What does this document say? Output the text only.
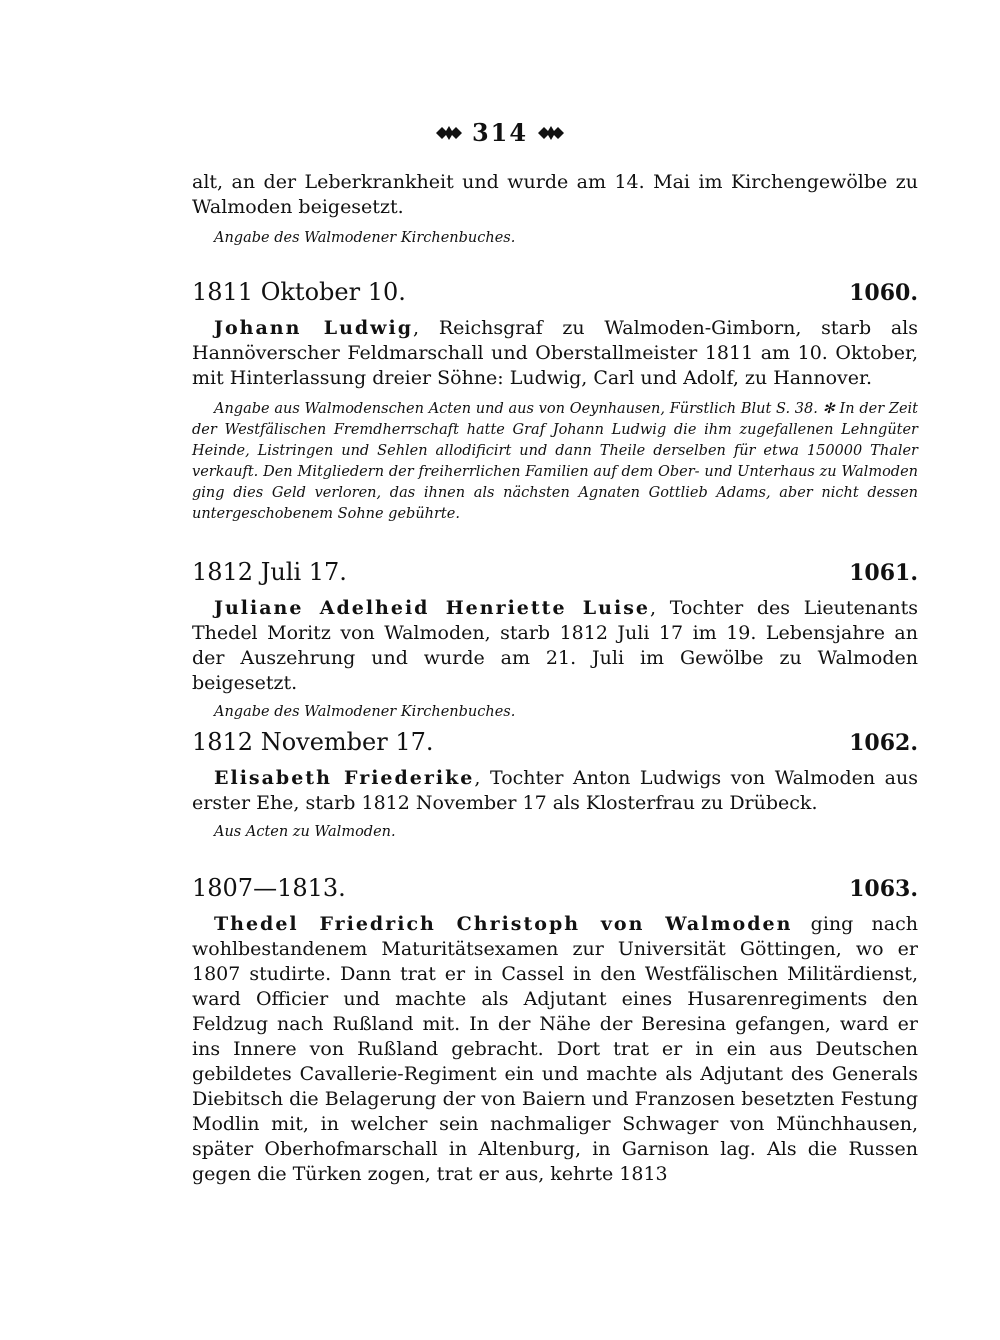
314

alt, an der Leberkrankheit und wurde am 14. Mai im Kirchengewölbe zu Walmoden beigesetzt.

Angabe des Walmodener Kirchenbuches.

1811 Oktober 10.	1060.

Johann Ludwig, Reichsgraf zu Walmoden-Gimborn, starb als Hannöverscher Feldmarschall und Oberstallmeister 1811 am 10. Oktober, mit Hinterlassung dreier Söhne: Ludwig, Carl und Adolf, zu Hannover.

Angabe aus Walmodenschen Acten und aus von Oeynhausen, Fürstlich Blut S. 38. ✻ In der Zeit der Westfälischen Fremdherrschaft hatte Graf Johann Ludwig die ihm zugefallenen Lehngüter Heinde, Listringen und Sehlen allodificirt und dann Theile derselben für etwa 150000 Thaler verkauft. Den Mitgliedern der freiherrlichen Familien auf dem Ober- und Unterhaus zu Walmoden ging dies Geld verloren, das ihnen als nächsten Agnaten Gottlieb Adams, aber nicht dessen untergeschobenem Sohne gebührte.

1812 Juli 17.	1061.

Juliane Adelheid Henriette Luise, Tochter des Lieutenants Thedel Moritz von Walmoden, starb 1812 Juli 17 im 19. Lebensjahre an der Auszehrung und wurde am 21. Juli im Gewölbe zu Walmoden beigesetzt.

Angabe des Walmodener Kirchenbuches.

1812 November 17.	1062.

Elisabeth Friederike, Tochter Anton Ludwigs von Walmoden aus erster Ehe, starb 1812 November 17 als Klosterfrau zu Drübeck.

Aus Acten zu Walmoden.

1807—1813.	1063.

Thedel Friedrich Christoph von Walmoden ging nach wohlbestandenem Maturitätsexamen zur Universität Göttingen, wo er 1807 studirte. Dann trat er in Cassel in den Westfälischen Militärdienst, ward Officier und machte als Adjutant eines Husarenregiments den Feldzug nach Rußland mit. In der Nähe der Beresina gefangen, ward er ins Innere von Rußland gebracht. Dort trat er in ein aus Deutschen gebildetes Cavallerie-Regiment ein und machte als Adjutant des Generals Diebitsch die Belagerung der von Baiern und Franzosen besetzten Festung Modlin mit, in welcher sein nachmaliger Schwager von Münchhausen, später Oberhofmarschall in Altenburg, in Garnison lag. Als die Russen gegen die Türken zogen, trat er aus, kehrte 1813
